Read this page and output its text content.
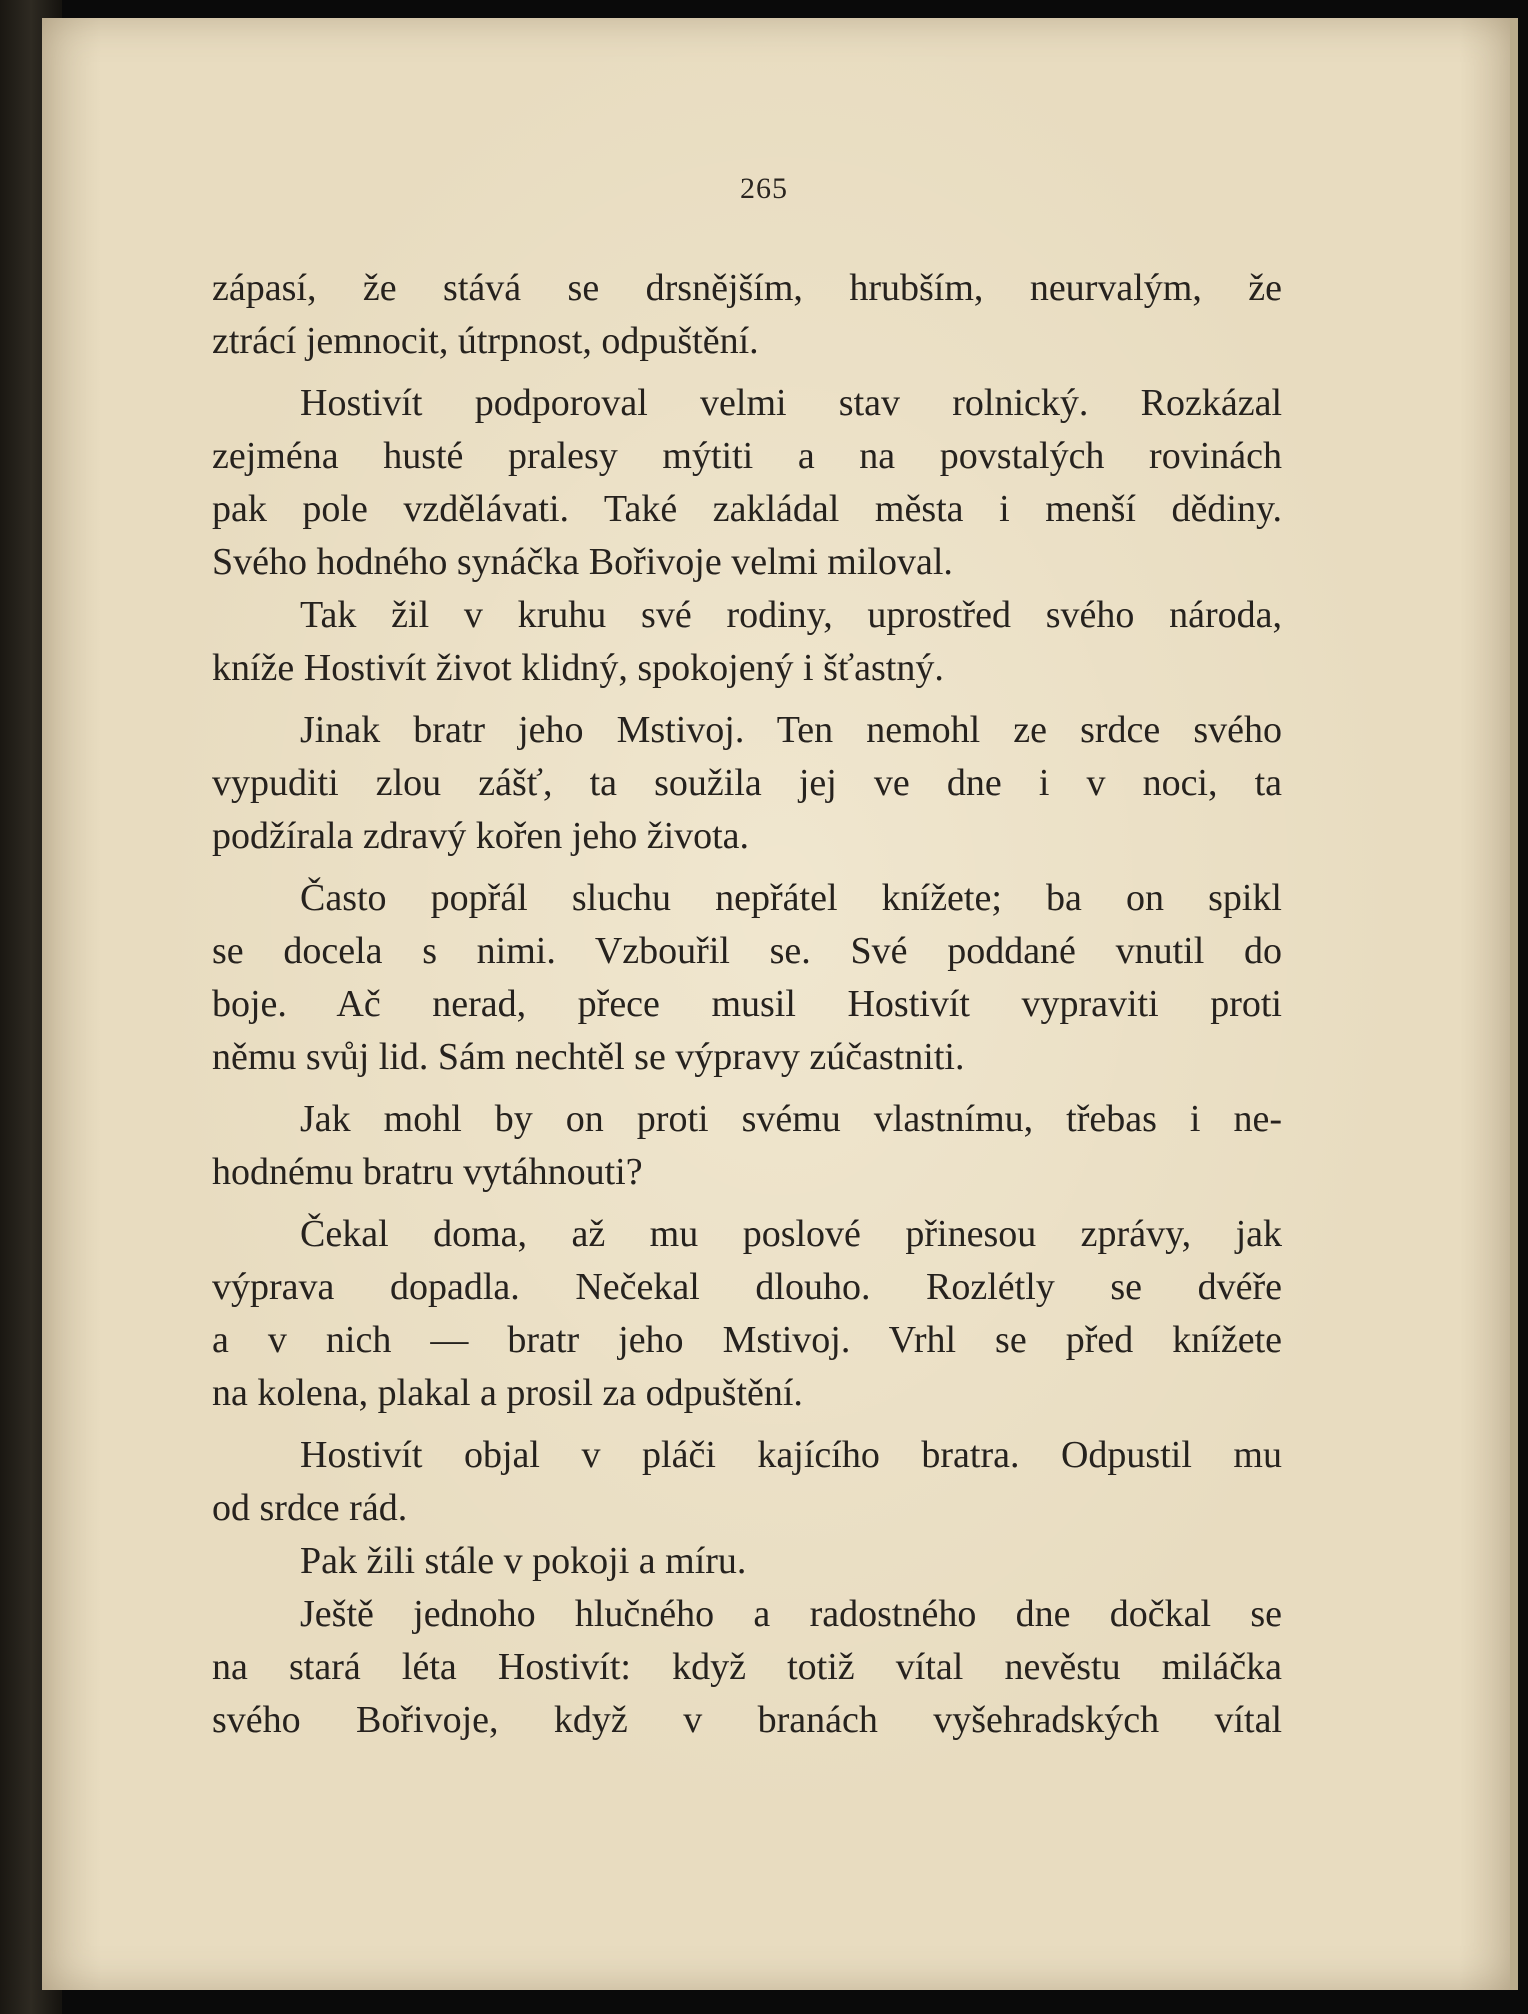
265
zápasí, že stává se drsnějším, hrubším, neurvalým, že
ztrácí jemnocit, útrpnost, odpuštění.
Hostivít podporoval velmi stav rolnický. Rozkázal
zejména husté pralesy mýtiti a na povstalých rovinách
pak pole vzdělávati. Také zakládal města i menší dědiny.
Svého hodného synáčka Bořivoje velmi miloval.
Tak žil v kruhu své rodiny, uprostřed svého národa,
kníže Hostivít život klidný, spokojený i šťastný.
Jinak bratr jeho Mstivoj. Ten nemohl ze srdce svého
vypuditi zlou zášť, ta soužila jej ve dne i v noci, ta
podžírala zdravý kořen jeho života.
Často popřál sluchu nepřátel knížete; ba on spikl
se docela s nimi. Vzbouřil se. Své poddané vnutil do
boje. Ač nerad, přece musil Hostivít vypraviti proti
němu svůj lid. Sám nechtěl se výpravy zúčastniti.
Jak mohl by on proti svému vlastnímu, třebas i ne-
hodnému bratru vytáhnouti?
Čekal doma, až mu poslové přinesou zprávy, jak
výprava dopadla. Nečekal dlouho. Rozlétly se dvéře
a v nich — bratr jeho Mstivoj. Vrhl se před knížete
na kolena, plakal a prosil za odpuštění.
Hostivít objal v pláči kajícího bratra. Odpustil mu
od srdce rád.
Pak žili stále v pokoji a míru.
Ještě jednoho hlučného a radostného dne dočkal se
na stará léta Hostivít: když totiž vítal nevěstu miláčka
svého Bořivoje, když v branách vyšehradských vítal
